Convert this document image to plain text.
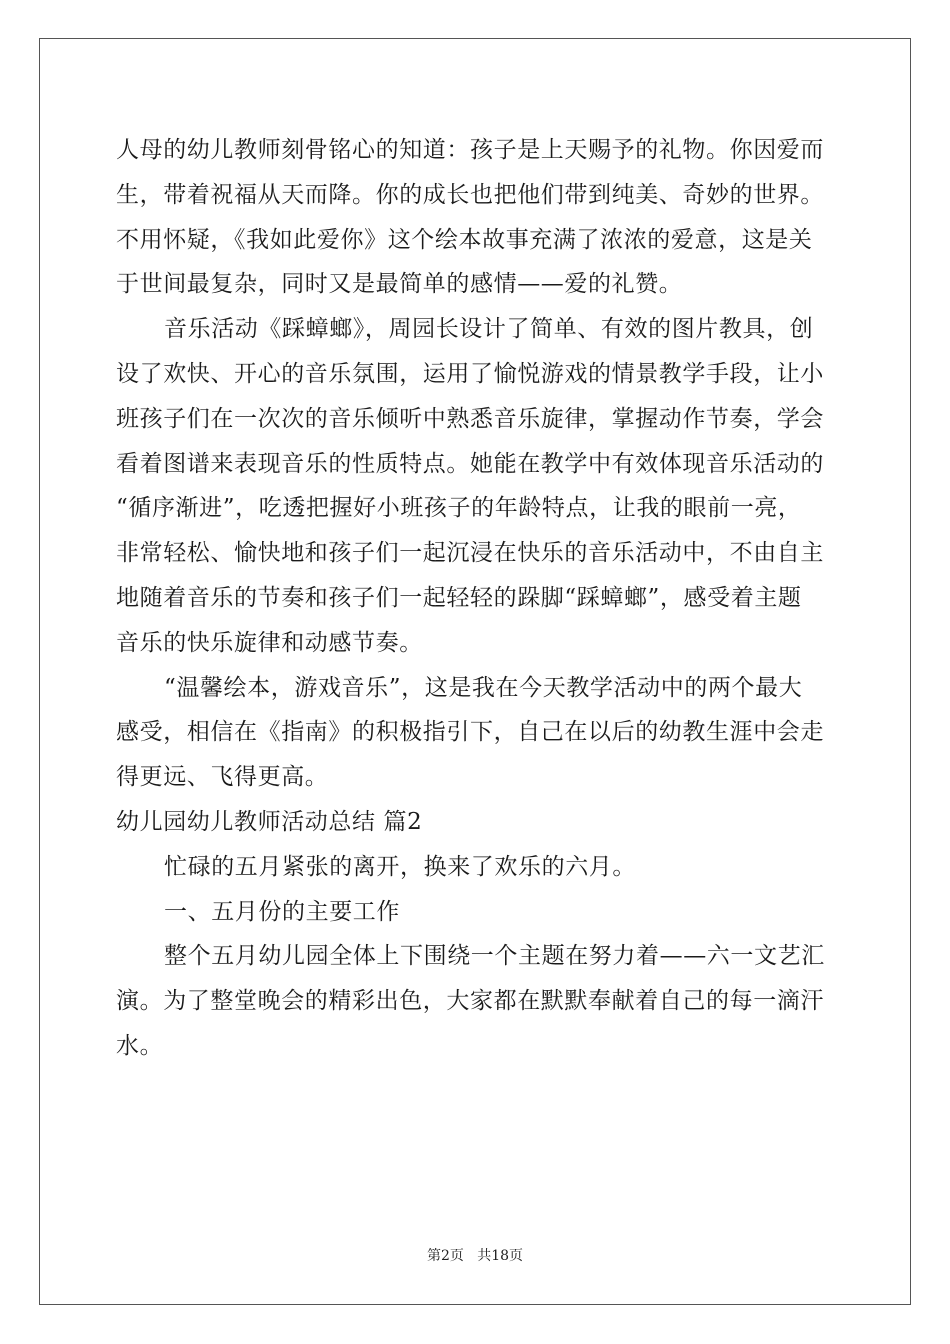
人母的幼儿教师刻骨铭心的知道：孩子是上天赐予的礼物。你因爱而
生，带着祝福从天而降。你的成长也把他们带到纯美、奇妙的世界。
不用怀疑，《我如此爱你》这个绘本故事充满了浓浓的爱意，这是关
于世间最复杂，同时又是最简单的感情——爱的礼赞。
音乐活动《踩蟑螂》，周园长设计了简单、有效的图片教具，创
设了欢快、开心的音乐氛围，运用了愉悦游戏的情景教学手段，让小
班孩子们在一次次的音乐倾听中熟悉音乐旋律，掌握动作节奏，学会
看着图谱来表现音乐的性质特点。她能在教学中有效体现音乐活动的
“循序渐进”，吃透把握好小班孩子的年龄特点，让我的眼前一亮，
非常轻松、愉快地和孩子们一起沉浸在快乐的音乐活动中，不由自主
地随着音乐的节奏和孩子们一起轻轻的跺脚“踩蟑螂”，感受着主题
音乐的快乐旋律和动感节奏。
“温馨绘本，游戏音乐”，这是我在今天教学活动中的两个最大
感受，相信在《指南》的积极指引下，自己在以后的幼教生涯中会走
得更远、飞得更高。
幼儿园幼儿教师活动总结 篇2
忙碌的五月紧张的离开，换来了欢乐的六月。
一、五月份的主要工作
整个五月幼儿园全体上下围绕一个主题在努力着——六一文艺汇
演。为了整堂晚会的精彩出色，大家都在默默奉献着自己的每一滴汗
水。
第2页   共18页
